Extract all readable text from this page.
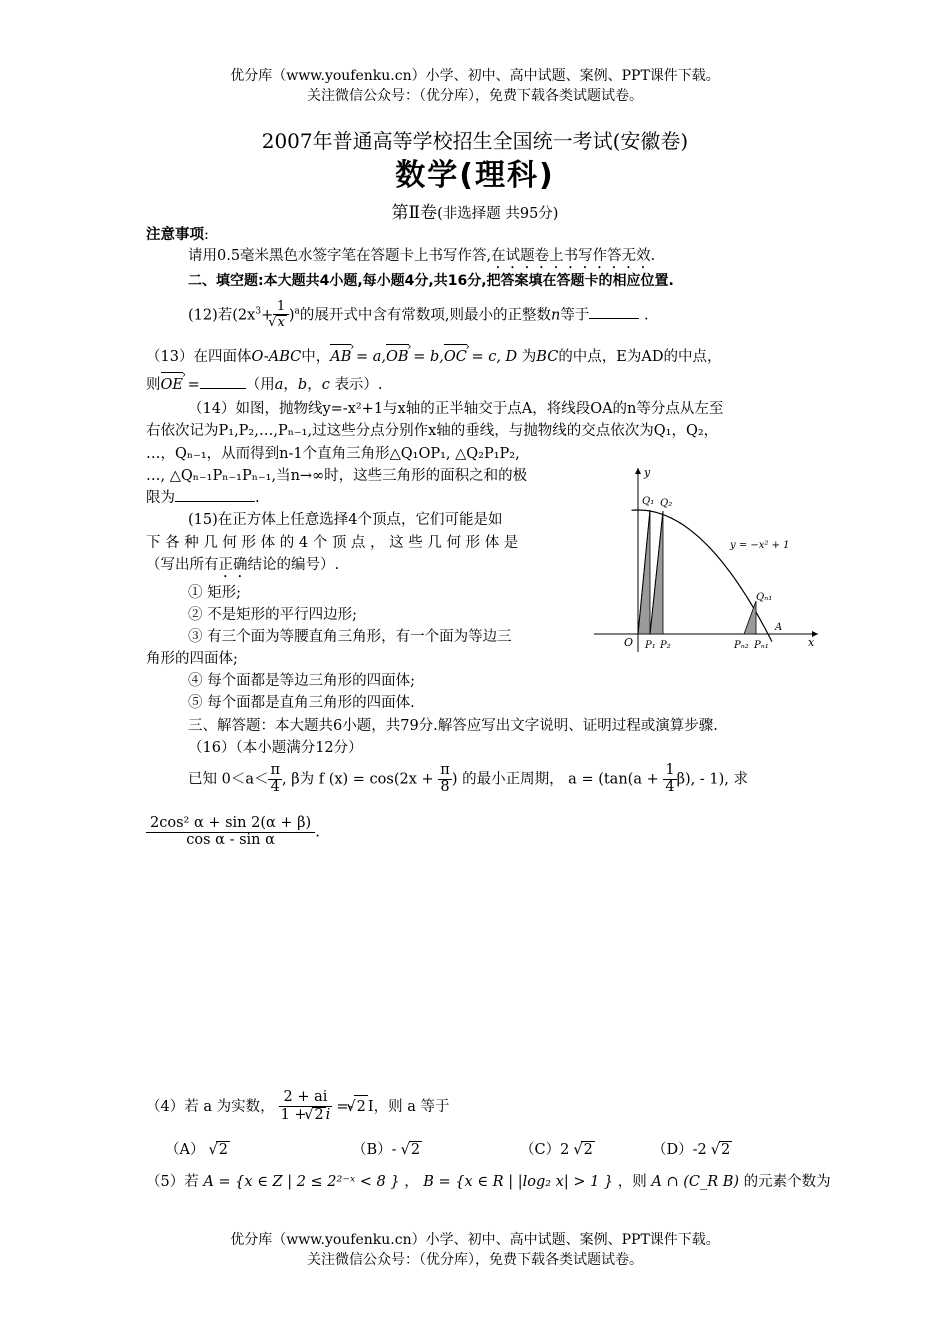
优分库（www.youfenku.cn）小学、初中、高中试题、案例、PPT课件下载。
关注微信公众号：（优分库），免费下载各类试题试卷。
2007年普通高等学校招生全国统一考试(安徽卷)
数学(理科)
第Ⅱ卷(非选择题 共95分)
注意事项:
请用0.5毫米黑色水签字笔在答题卡上书写作答,在试题卷上书写作答无效.
二、填空题:本大题共4小题,每小题4分,共16分,把答案填在答题卡的相应位置.
(12)若($2x^3+ 1$
√ x )$^a$的展开式中含有常数项,则最小的正整数n等于	.
（13）在四面体O-ABC中，AB › = a,OB › = b,OC › = c, D 为BC的中点，E为AD的中点，
则OE › =	（用a，b，c 表示）.
（14）如图，抛物线y=-x²+1与x轴的正半轴交于点A，将线段OA的n等分点从左至
右依次记为P₁,P₂,…,Pₙ₋₁,过这些分点分别作x轴的垂线，与抛物线的交点依次为Q₁，Q₂，
…，Qₙ₋₁，从而得到n-1个直角三角形△Q₁OP₁, △Q₂P₁P₂,
…, △Qₙ₋₁Pₙ₋₁Pₙ₋₁,当n→∞时，这些三角形的面积之和的极
限为	.
(15)在正方体上任意选择4个顶点，它们可能是如
下 各 种 几 何 形 体 的 4 个 顶 点 ， 这 些 几 何 形 体 是
（写出所有正确结论的编号）.
① 矩形;
② 不是矩形的平行四边形;
③ 有三个面为等腰直角三角形，有一个面为等边三
角形的四面体;
④ 每个面都是等边三角形的四面体;
⑤ 每个面都是直角三角形的四面体.
三、解答题：本大题共6小题，共79分.解答应写出文字说明、证明过程或演算步骤.
（16）（本小题满分12分）
已知 $0<a< \frac{\pi}{4}$ , β为 f $(x) = \cos(2x + \frac{\pi}{8}$ ) 的最小正周期， $a = (\tan(a + \frac{1}{4} \beta)$, - 1), 求
$\frac{\text{2cos² α + sin 2(α + β)}}{\text{cos α - sin α}}$ .
（4）若 a 为实数， $\frac{2 + ai}{1 + √ 2 i}$ =- √ 2 I，则 a 等于
（A） √ 2	（B）- √ 2	（C）2 √ 2	（D）-2 √ 2
（5）若 A = {x ∈ Z | 2 ≤ 2²⁻ˣ < 8 } ， B = {x ∈ R | |log₂ x| > 1 } ，则 A ∩ (C_R B) 的元素个数为
优分库（www.youfenku.cn）小学、初中、高中试题、案例、PPT课件下载。
关注微信公众号：（优分库），免费下载各类试题试卷。
y
x
O
Q₁ Q₂
y = −x² + 1
Qₙ₁
A
P₁ P₂	Pₙ₂ Pₙ₁
